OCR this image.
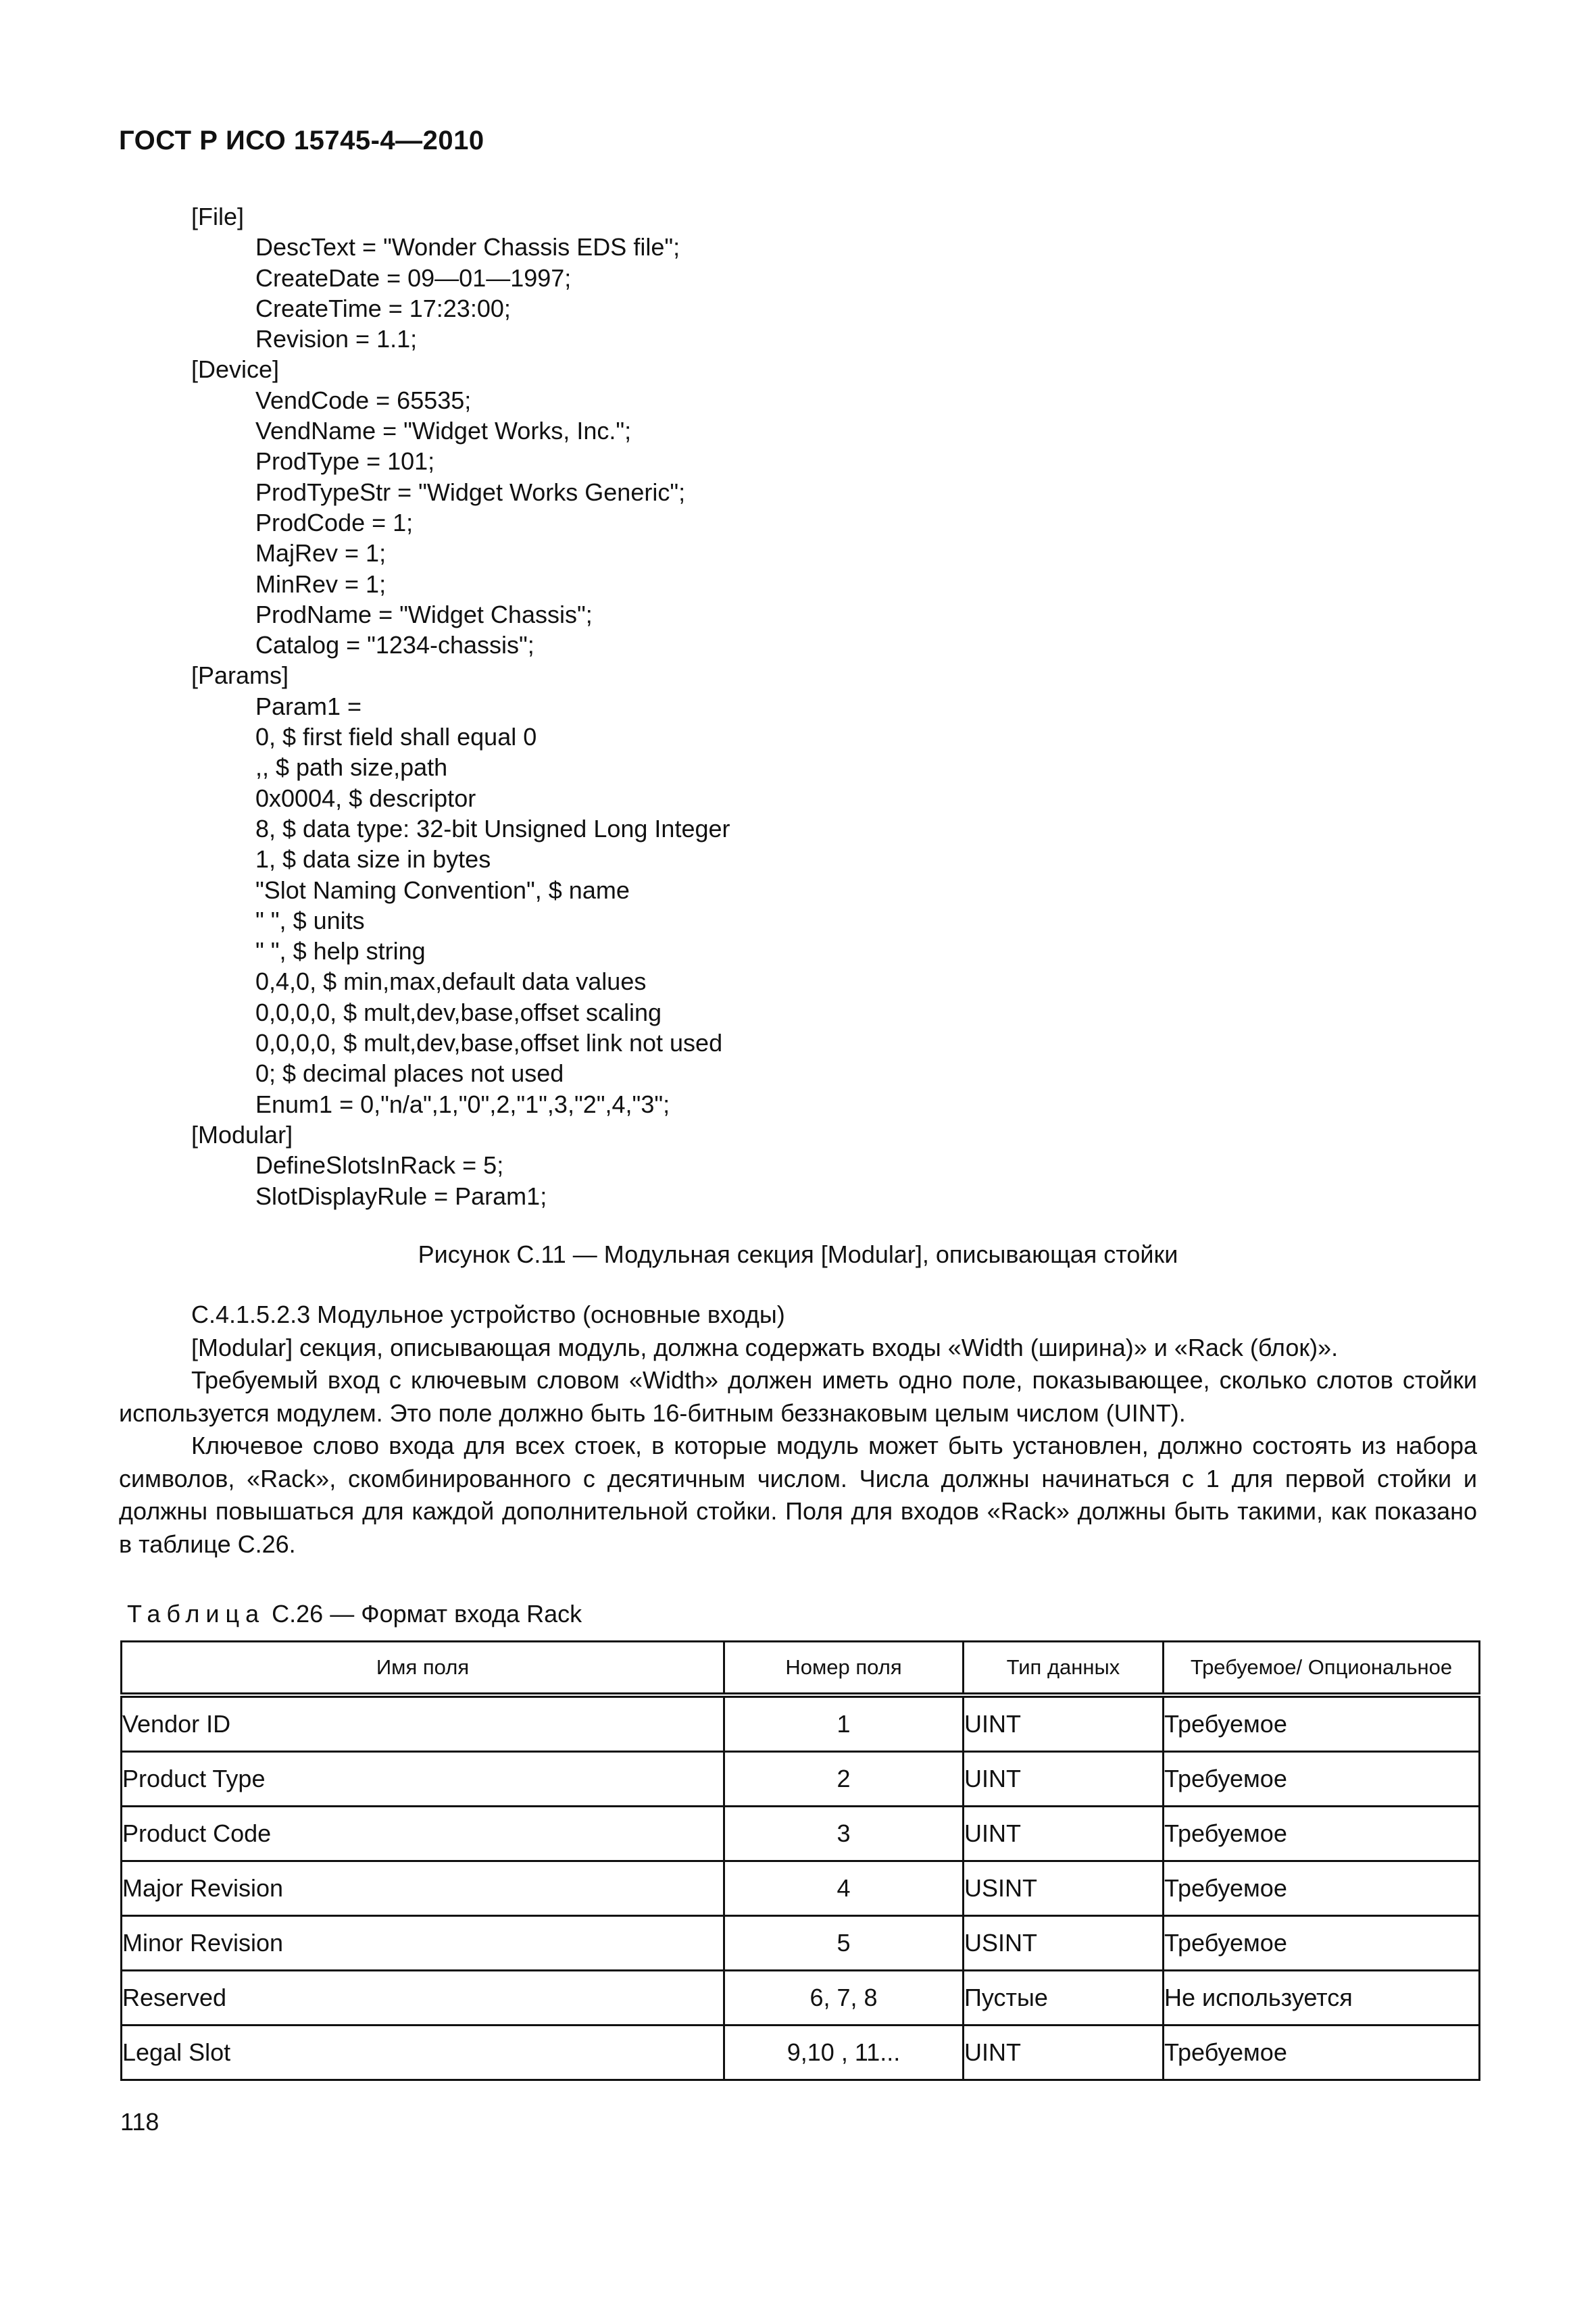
ГОСТ Р ИСО 15745-4—2010
[File]
DescText = "Wonder Chassis EDS file";
CreateDate = 09—01—1997;
CreateTime = 17:23:00;
Revision = 1.1;
[Device]
VendCode = 65535;
VendName = "Widget Works, Inc.";
ProdType = 101;
ProdTypeStr = "Widget Works Generic";
ProdCode = 1;
MajRev = 1;
MinRev = 1;
ProdName = "Widget Chassis";
Catalog = "1234-chassis";
[Params]
Param1 =
0, $ first field shall equal 0
,, $ path size,path
0x0004, $ descriptor
8, $ data type: 32-bit Unsigned Long Integer
1, $ data size in bytes
"Slot Naming Convention", $ name
" ", $ units
" ", $ help string
0,4,0, $ min,max,default data values
0,0,0,0, $ mult,dev,base,offset scaling
0,0,0,0, $ mult,dev,base,offset link not used
0; $ decimal places not used
Enum1 = 0,"n/a",1,"0",2,"1",3,"2",4,"3";
[Modular]
DefineSlotsInRack = 5;
SlotDisplayRule = Param1;
Рисунок С.11 — Модульная секция [Modular], описывающая стойки

С.4.1.5.2.3 Модульное устройство (основные входы)

[Modular] секция, описывающая модуль, должна содержать входы «Width (ширина)» и «Rack (блок)».

Требуемый вход с ключевым словом «Width» должен иметь одно поле, показывающее, сколько слотов стойки используется модулем. Это поле должно быть 16-битным беззнаковым целым числом (UINT).

Ключевое слово входа для всех стоек, в которые модуль может быть установлен, должно состоять из набора символов, «Rack», скомбинированного с десятичным числом. Числа должны начинаться с 1 для первой стойки и должны повышаться для каждой дополнительной стойки. Поля для входов «Rack» должны быть такими, как показано в таблице С.26.

Таблица С.26 — Формат входа Rack
Имя поля	Номер поля	Тип данных	Требуемое/ Опциональное
Vendor ID	1	UINT	Требуемое
Product Type	2	UINT	Требуемое
Product Code	3	UINT	Требуемое
Major Revision	4	USINT	Требуемое
Minor Revision	5	USINT	Требуемое
Reserved	6, 7, 8	Пустые	Не используется
Legal Slot	9,10 , 11...	UINT	Требуемое
118
